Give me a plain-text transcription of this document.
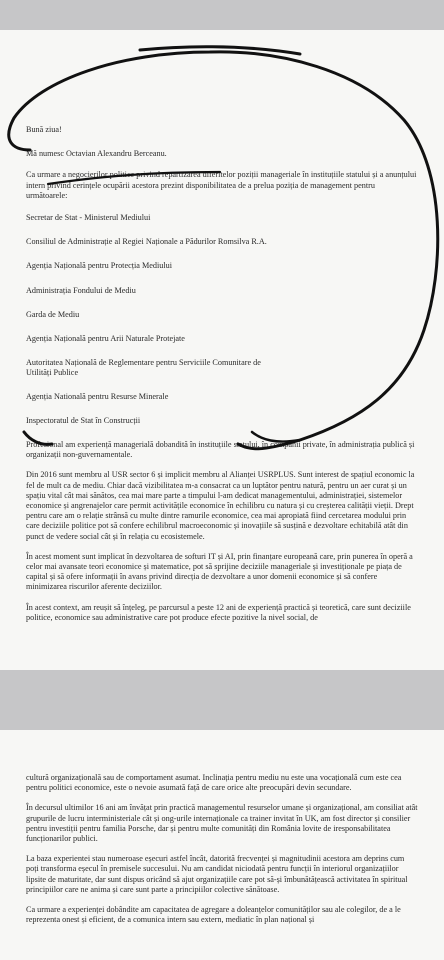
Bună ziua!

Mă numesc Octavian Alexandru Berceanu.

Ca urmare a negocierilor politice privind repartizarea diferitelor poziții manageriale în instituțiile statului și a anunțului intern privind cerințele ocupării acestora prezint disponibilitatea de a prelua poziția de management pentru următoarele:

Secretar de Stat - Ministerul Mediului
Consiliul de Administrație al Regiei Naționale a Pădurilor Romsilva R.A.
Agenția Națională pentru Protecția Mediului
Administrația Fondului de Mediu
Garda de Mediu
Agenția Națională pentru Arii Naturale Protejate
Autoritatea Națională de Reglementare pentru Serviciile Comunitare de Utilități Publice
Agenția Natională pentru Resurse Minerale
Inspectoratul de Stat în Construcții

Profesional am experiență managerială dobandită în instituțiile statului, în companii private, în administrația publică și organizații non-guvernamentale.

Din 2016 sunt membru al USR sector 6 și implicit membru al Alianței USRPLUS. Sunt interest de spațiul economic la fel de mult ca de mediu. Chiar dacă vizibilitatea m-a consacrat ca un luptător pentru natură, pentru un aer curat și un spațiu vital cât mai sănătos, cea mai mare parte a timpului l-am dedicat managementului, administrației, sistemelor economice și angrenajelor care permit activitățile economice în echilibru cu natura și cu creșterea calității vieții. Drept pentru care am o relație strânsă cu multe dintre ramurile economice, cea mai apropiată fiind cercetarea modului prin care deciziile politice pot să confere echilibrul macroeconomic și inovațiile să susțină e dezvoltare echitabilă atât din punct de vedere social cât și în relația cu ecosistemele.

În acest moment sunt implicat în dezvoltarea de softuri IT și AI, prin finanțare europeană care, prin punerea în operă a celor mai avansate teori economice și matematice, pot să sprijine deciziile manageriale și investiționale pe piața de capital și să ofere informații în avans privind direcția de dezvoltare a unor domenii economice și să confere minimizarea riscurilor aferente deciziilor.

În acest context, am reușit să înțeleg, pe parcursul a peste 12 ani de experiență practică și teoretică, care sunt deciziile politice, economice sau administrative care pot produce efecte pozitive la nivel social, de

cultură organizațională sau de comportament asumat. Inclinația pentru mediu nu este una vocațională cum este cea pentru politici economice, este o nevoie asumată față de care orice alte preocupări devin secundare.

În decursul ultimilor 16 ani am învățat prin practică managementul resurselor umane și organizațional, am consiliat atât grupurile de lucru interministeriale cât și ong-urile internaționale ca trainer invitat în UK, am fost director și consilier pentru investiții pentru familia Porsche, dar și pentru multe comunități din România lovite de iresponsabilitatea funcționarilor publici.

La baza experientei stau numeroase eșecuri astfel încât, datorită frecvenței și magnitudinii acestora am deprins cum poți transforma eșecul în premisele succesului. Nu am candidat niciodată pentru funcții în interiorul organizațiilor lipsite de maturitate, dar sunt dispus oricând să ajut organizațiile care pot să-și îmbunătățească activitatea în spiritual principiilor care ne anima și care sunt parte a principiilor colective sănătoase.

Ca urmare a experienței dobândite am capacitatea de agregare a doleanțelor comunităților sau ale colegilor, de a le reprezenta onest și eficient, de a comunica intern sau extern, mediatic în plan național și
